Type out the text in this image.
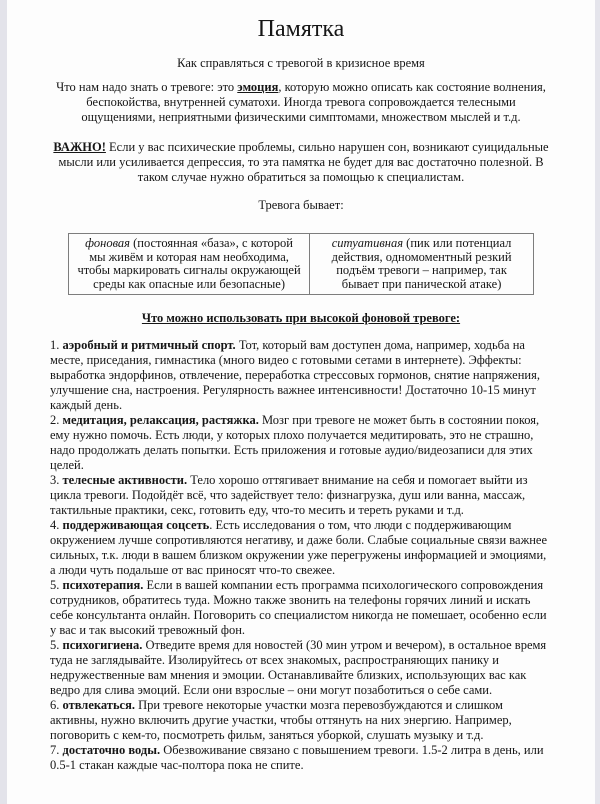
Памятка

Как справляться с тревогой в кризисное время

Что нам надо знать о тревоге: это эмоция, которую можно описать как состояние волнения, беспокойства, внутренней суматохи. Иногда тревога сопровождается телесными ощущениями, неприятными физическими симптомами, множеством мыслей и т.д.

ВАЖНО! Если у вас психические проблемы, сильно нарушен сон, возникают суицидальные мысли или усиливается депрессия, то эта памятка не будет для вас достаточно полезной. В таком случае нужно обратиться за помощью к специалистам.

Тревога бывает:

фоновая (постоянная «база», с которой мы живём и которая нам необходима, чтобы маркировать сигналы окружающей среды как опасные или безопасные)	ситуативная (пик или потенциал действия, одномоментный резкий подъём тревоги – например, так бывает при панической атаке)

Что можно использовать при высокой фоновой тревоге:

1. аэробный и ритмичный спорт. Тот, который вам доступен дома, например, ходьба на месте, приседания, гимнастика (много видео с готовыми сетами в интернете). Эффекты: выработка эндорфинов, отвлечение, переработка стрессовых гормонов, снятие напряжения, улучшение сна, настроения. Регулярность важнее интенсивности! Достаточно 10-15 минут каждый день.

2. медитация, релаксация, растяжка. Мозг при тревоге не может быть в состоянии покоя, ему нужно помочь. Есть люди, у которых плохо получается медитировать, это не страшно, надо продолжать делать попытки. Есть приложения и готовые аудио/видеозаписи для этих целей.

3. телесные активности. Тело хорошо оттягивает внимание на себя и помогает выйти из цикла тревоги. Подойдёт всё, что задействует тело: физнагрузка, душ или ванна, массаж, тактильные практики, секс, готовить еду, что-то месить и тереть руками и т.д.

4. поддерживающая соцсеть. Есть исследования о том, что люди с поддерживающим окружением лучше сопротивляются негативу, и даже боли. Слабые социальные связи важнее сильных, т.к. люди в вашем близком окружении уже перегружены информацией и эмоциями, а люди чуть подальше от вас приносят что-то свежее.

5. психотерапия. Если в вашей компании есть программа психологического сопровождения сотрудников, обратитесь туда. Можно также звонить на телефоны горячих линий и искать себе консультанта онлайн. Поговорить со специалистом никогда не помешает, особенно если у вас и так высокий тревожный фон.

5. психогигиена. Отведите время для новостей (30 мин утром и вечером), в остальное время туда не заглядывайте. Изолируйтесь от всех знакомых, распространяющих панику и недружественные вам мнения и эмоции. Останавливайте близких, использующих вас как ведро для слива эмоций. Если они взрослые – они могут позаботиться о себе сами.

6. отвлекаться. При тревоге некоторые участки мозга перевозбуждаются и слишком активны, нужно включить другие участки, чтобы оттянуть на них энергию. Например, поговорить с кем-то, посмотреть фильм, заняться уборкой, слушать музыку и т.д.

7. достаточно воды. Обезвоживание связано с повышением тревоги. 1.5-2 литра в день, или 0.5-1 стакан каждые час-полтора пока не спите.
